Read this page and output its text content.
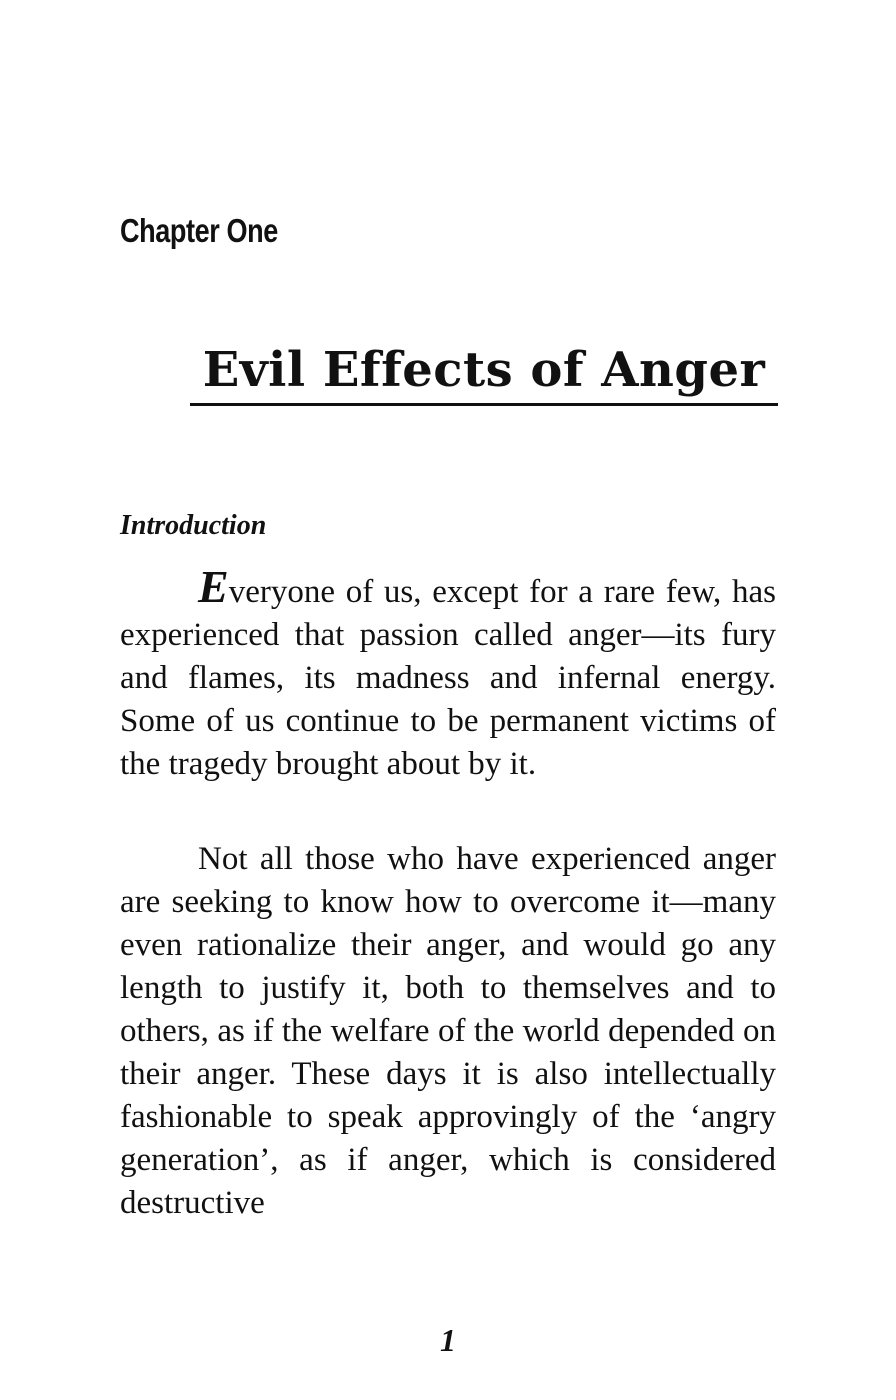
Chapter One
Evil Effects of Anger
Introduction

Everyone of us, except for a rare few, has experienced that passion called anger—its fury and flames, its madness and infernal energy. Some of us continue to be permanent victims of the tragedy brought about by it.

Not all those who have experienced anger are seeking to know how to overcome it—many even rationalize their anger, and would go any length to justify it, both to themselves and to others, as if the welfare of the world depended on their anger. These days it is also intellectually fashionable to speak approvingly of the ‘angry generation’, as if anger, which is considered destructive

1
